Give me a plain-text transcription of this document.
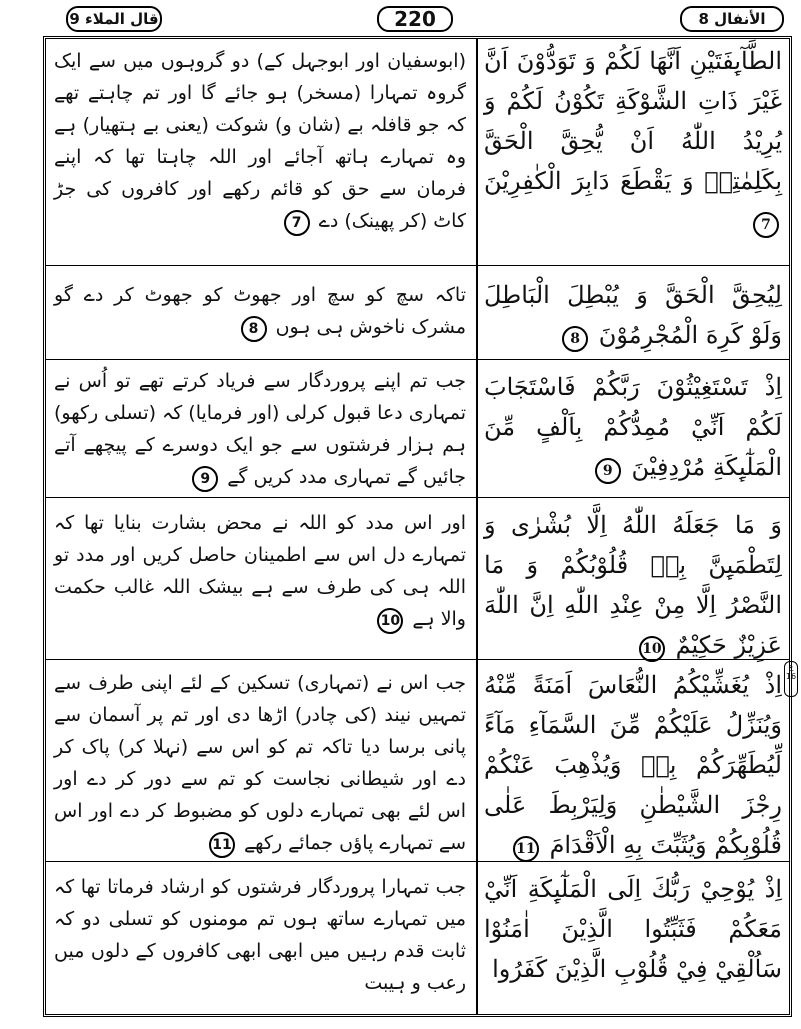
قال الملاء 9	220	الأنفال 8
الطَّآىِٕفَتَيْنِ اَنَّهَا لَكُمْ وَ تَوَدُّوْنَ اَنَّ غَيْرَ ذَاتِ الشَّوْكَةِ تَكُوْنُ لَكُمْ وَ يُرِيْدُ اللّٰهُ اَنْ يُّحِقَّ الْحَقَّ بِكَلِمٰتِهٖ وَ يَقْطَعَ دَابِرَ الْكٰفِرِيْنَ 7
(ابوسفیان اور ابوجہل کے) دو گروہوں میں سے ایک گروہ تمہارا (مسخر) ہو جائے گا اور تم چاہتے تھے کہ جو قافلہ بے (شان و) شوکت (یعنی بے ہتھیار) ہے وہ تمہارے ہاتھ آجائے اور اللہ چاہتا تھا کہ اپنے فرمان سے حق کو قائم رکھے اور کافروں کی جڑ کاٹ (کر پھینک) دے 7
لِيُحِقَّ الْحَقَّ وَ يُبْطِلَ الْبَاطِلَ وَلَوْ كَرِهَ الْمُجْرِمُوْنَ 8
تاکہ سچ کو سچ اور جھوٹ کو جھوٹ کر دے گو مشرک ناخوش ہی ہوں 8
اِذْ تَسْتَغِيْثُوْنَ رَبَّكُمْ فَاسْتَجَابَ لَكُمْ اَنِّيْ مُمِدُّكُمْ بِاَلْفٍ مِّنَ الْمَلٰٓىِٕكَةِ مُرْدِفِيْنَ 9
جب تم اپنے پروردگار سے فریاد کرتے تھے تو اُس نے تمہاری دعا قبول کرلی (اور فرمایا) کہ (تسلی رکھو) ہم ہزار فرشتوں سے جو ایک دوسرے کے پیچھے آتے جائیں گے تمہاری مدد کریں گے 9
وَ مَا جَعَلَهُ اللّٰهُ اِلَّا بُشْرٰى وَ لِتَطْمَىِٕنَّ بِهٖ قُلُوْبُكُمْ وَ مَا النَّصْرُ اِلَّا مِنْ عِنْدِ اللّٰهِ اِنَّ اللّٰهَ عَزِيْزٌ حَكِيْمٌ 10
اور اس مدد کو اللہ نے محض بشارت بنایا تھا کہ تمہارے دل اس سے اطمینان حاصل کریں اور مدد تو اللہ ہی کی طرف سے ہے بیشک اللہ غالب حکمت والا ہے 10
اِذْ يُغَشِّيْكُمُ النُّعَاسَ اَمَنَةً مِّنْهُ وَيُنَزِّلُ عَلَيْكُمْ مِّنَ السَّمَآءِ مَآءً لِّيُطَهِّرَكُمْ بِهٖ وَيُذْهِبَ عَنْكُمْ رِجْزَ الشَّيْطٰنِ وَلِيَرْبِطَ عَلٰى قُلُوْبِكُمْ وَيُثَبِّتَ بِهِ الْاَقْدَامَ 11
جب اس نے (تمہاری) تسکین کے لئے اپنی طرف سے تمہیں نیند (کی چادر) اڑھا دی اور تم پر آسمان سے پانی برسا دیا تاکہ تم کو اس سے (نہلا کر) پاک کر دے اور شیطانی نجاست کو تم سے دور کر دے اور اس لئے بھی تمہارے دلوں کو مضبوط کر دے اور اس سے تمہارے پاؤں جمائے رکھے 11
اِذْ يُوْحِيْ رَبُّكَ اِلَى الْمَلٰٓىِٕكَةِ اَنِّيْ مَعَكُمْ فَثَبِّتُوا الَّذِيْنَ اٰمَنُوْا سَاُلْقِيْ فِيْ قُلُوْبِ الَّذِيْنَ كَفَرُوا
جب تمہارا پروردگار فرشتوں کو ارشاد فرماتا تھا کہ میں تمہارے ساتھ ہوں تم مومنوں کو تسلی دو کہ ثابت قدم رہیں میں ابھی ابھی کافروں کے دلوں میں رعب و ہیبت
ع 16
